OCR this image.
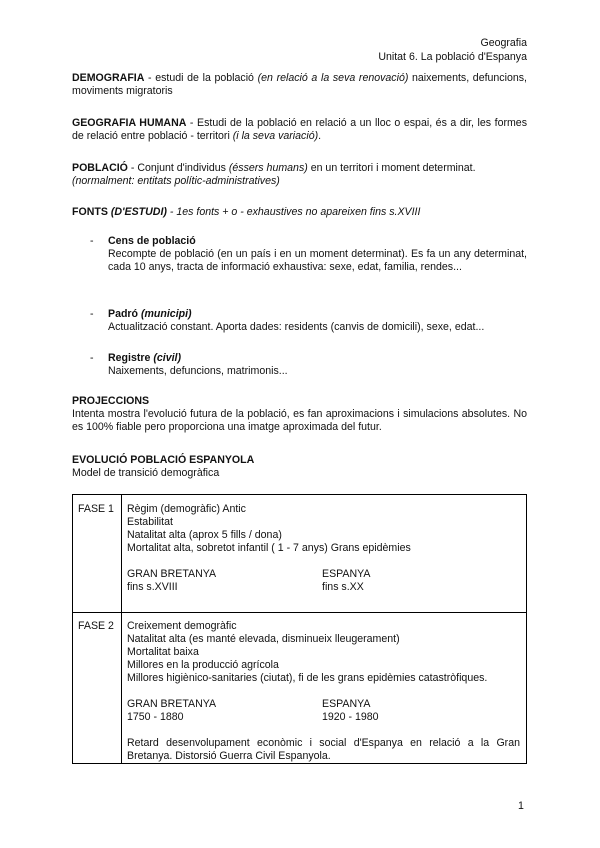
Geografia
Unitat 6. La població d'Espanya
DEMOGRAFIA - estudi de la població (en relació a la seva renovació) naixements, defuncions, moviments migratoris
GEOGRAFIA HUMANA - Estudi de la població en relació a un lloc o espai, és a dir, les formes de relació entre població - territori (i la seva variació).
POBLACIÓ - Conjunt d'individus (éssers humans) en un territori i moment determinat.
(normalment: entitats polític-administratives)
FONTS (D'ESTUDI) - 1es fonts + o - exhaustives no apareixen fins s.XVIII
- Cens de població
Recompte de població (en un país i en un moment determinat). Es fa un any determinat, cada 10 anys, tracta de informació exhaustiva: sexe, edat, familia, rendes...
- Padró (municipi)
Actualització constant. Aporta dades: residents (canvis de domicili), sexe, edat...
- Registre (civil)
Naixements, defuncions, matrimonis...
PROJECCIONS
Intenta mostra l'evolució futura de la població, es fan aproximacions i simulacions absolutes. No es 100% fiable pero proporciona una imatge aproximada del futur.
EVOLUCIÓ POBLACIÓ ESPANYOLA
Model de transició demogràfica
FASE 1 Règim (demogràfic) Antic
Estabilitat
Natalitat alta (aprox 5 fills / dona)
Mortalitat alta, sobretot infantil ( 1 - 7 anys) Grans epidèmies
GRAN BRETANYA
fins s.XVIII
ESPANYA
fins s.XX
FASE 2 Creixement demogràfic
Natalitat alta (es manté elevada, disminueix lleugerament)
Mortalitat baixa
Millores en la producció agrícola
Millores higiènico-sanitaries (ciutat), fi de les grans epidèmies catastròfiques.
GRAN BRETANYA
1750 - 1880
ESPANYA
1920 - 1980
Retard desenvolupament econòmic i social d'Espanya en relació a la Gran Bretanya. Distorsió Guerra Civil Espanyola.
1
